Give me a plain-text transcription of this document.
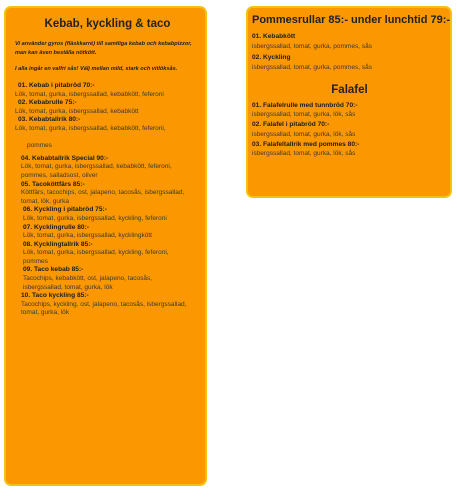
Kebab, kyckling & taco

Vi använder gyros (fläskkarré) till samtliga kebab och kebabpizzor, man kan även beställa nötkött.

I alla ingår en valfri sås! Välj mellan mild, stark och vitlöksås.

01. Kebab i pitabröd 70:-
Lök, tomat, gurka, isbergssallad, kebabkött, feferoni
02. Kebabrulle 75:-
Lök, tomat, gurka, isbergssallad, kebabkött
03. Kebabtallrik 80:-
Lök, tomat, gurka, isbergssallad, kebabkött, feferoni,
pommes
04. Kebabtallrik Special 90:-
Lök, tomat, gurka, isbergssallad, kebabkött, feferoni,
pommes, salladsost, oliver
05. Tacoköttfärs 85:-
Köttfärs, tacochips, ost, jalapeno, tacosås, isbergssallad,
tomat, lök, gurka
06. Kyckling i pitabröd 75:-
Lök, tomat, gurka, isbergssallad, kyckling, feferoni
07. Kycklingrulle 80:-
Lök, tomat, gurka, isbergssallad, kycklingkött
08. Kycklingtallrik 85:-
Lök, tomat, gurka, isbergssallad, kyckling, feferoni,
pommes
09. Taco kebab 85:-
Tacochips, kebabkött, ost, jalapeno, tacosås,
isbergssallad, tomat, gurka, lök
10. Taco kyckling 85:-
Tacochips, kyckling, ost, jalapeno, tacosås, isbergssallad,
tomat, gurka, lök
Pommesrullar 85:- under lunchtid 79:-
01. Kebabkött
isbergssallad, tomat, gurka, pommes, sås
02. Kyckling
isbergssallad, tomat, gurka, pommes, sås
Falafel
01. Falafelrulle med tunnbröd 70:-
isbergssallad, tomat, gurka, lök, sås
02. Falafel i pitabröd 70:-
isbergssallad, tomat, gurka, lök, sås
03. Falafeltallrik med pommes 80:-
isbergssallad, tomat, gurka, lök, sås
